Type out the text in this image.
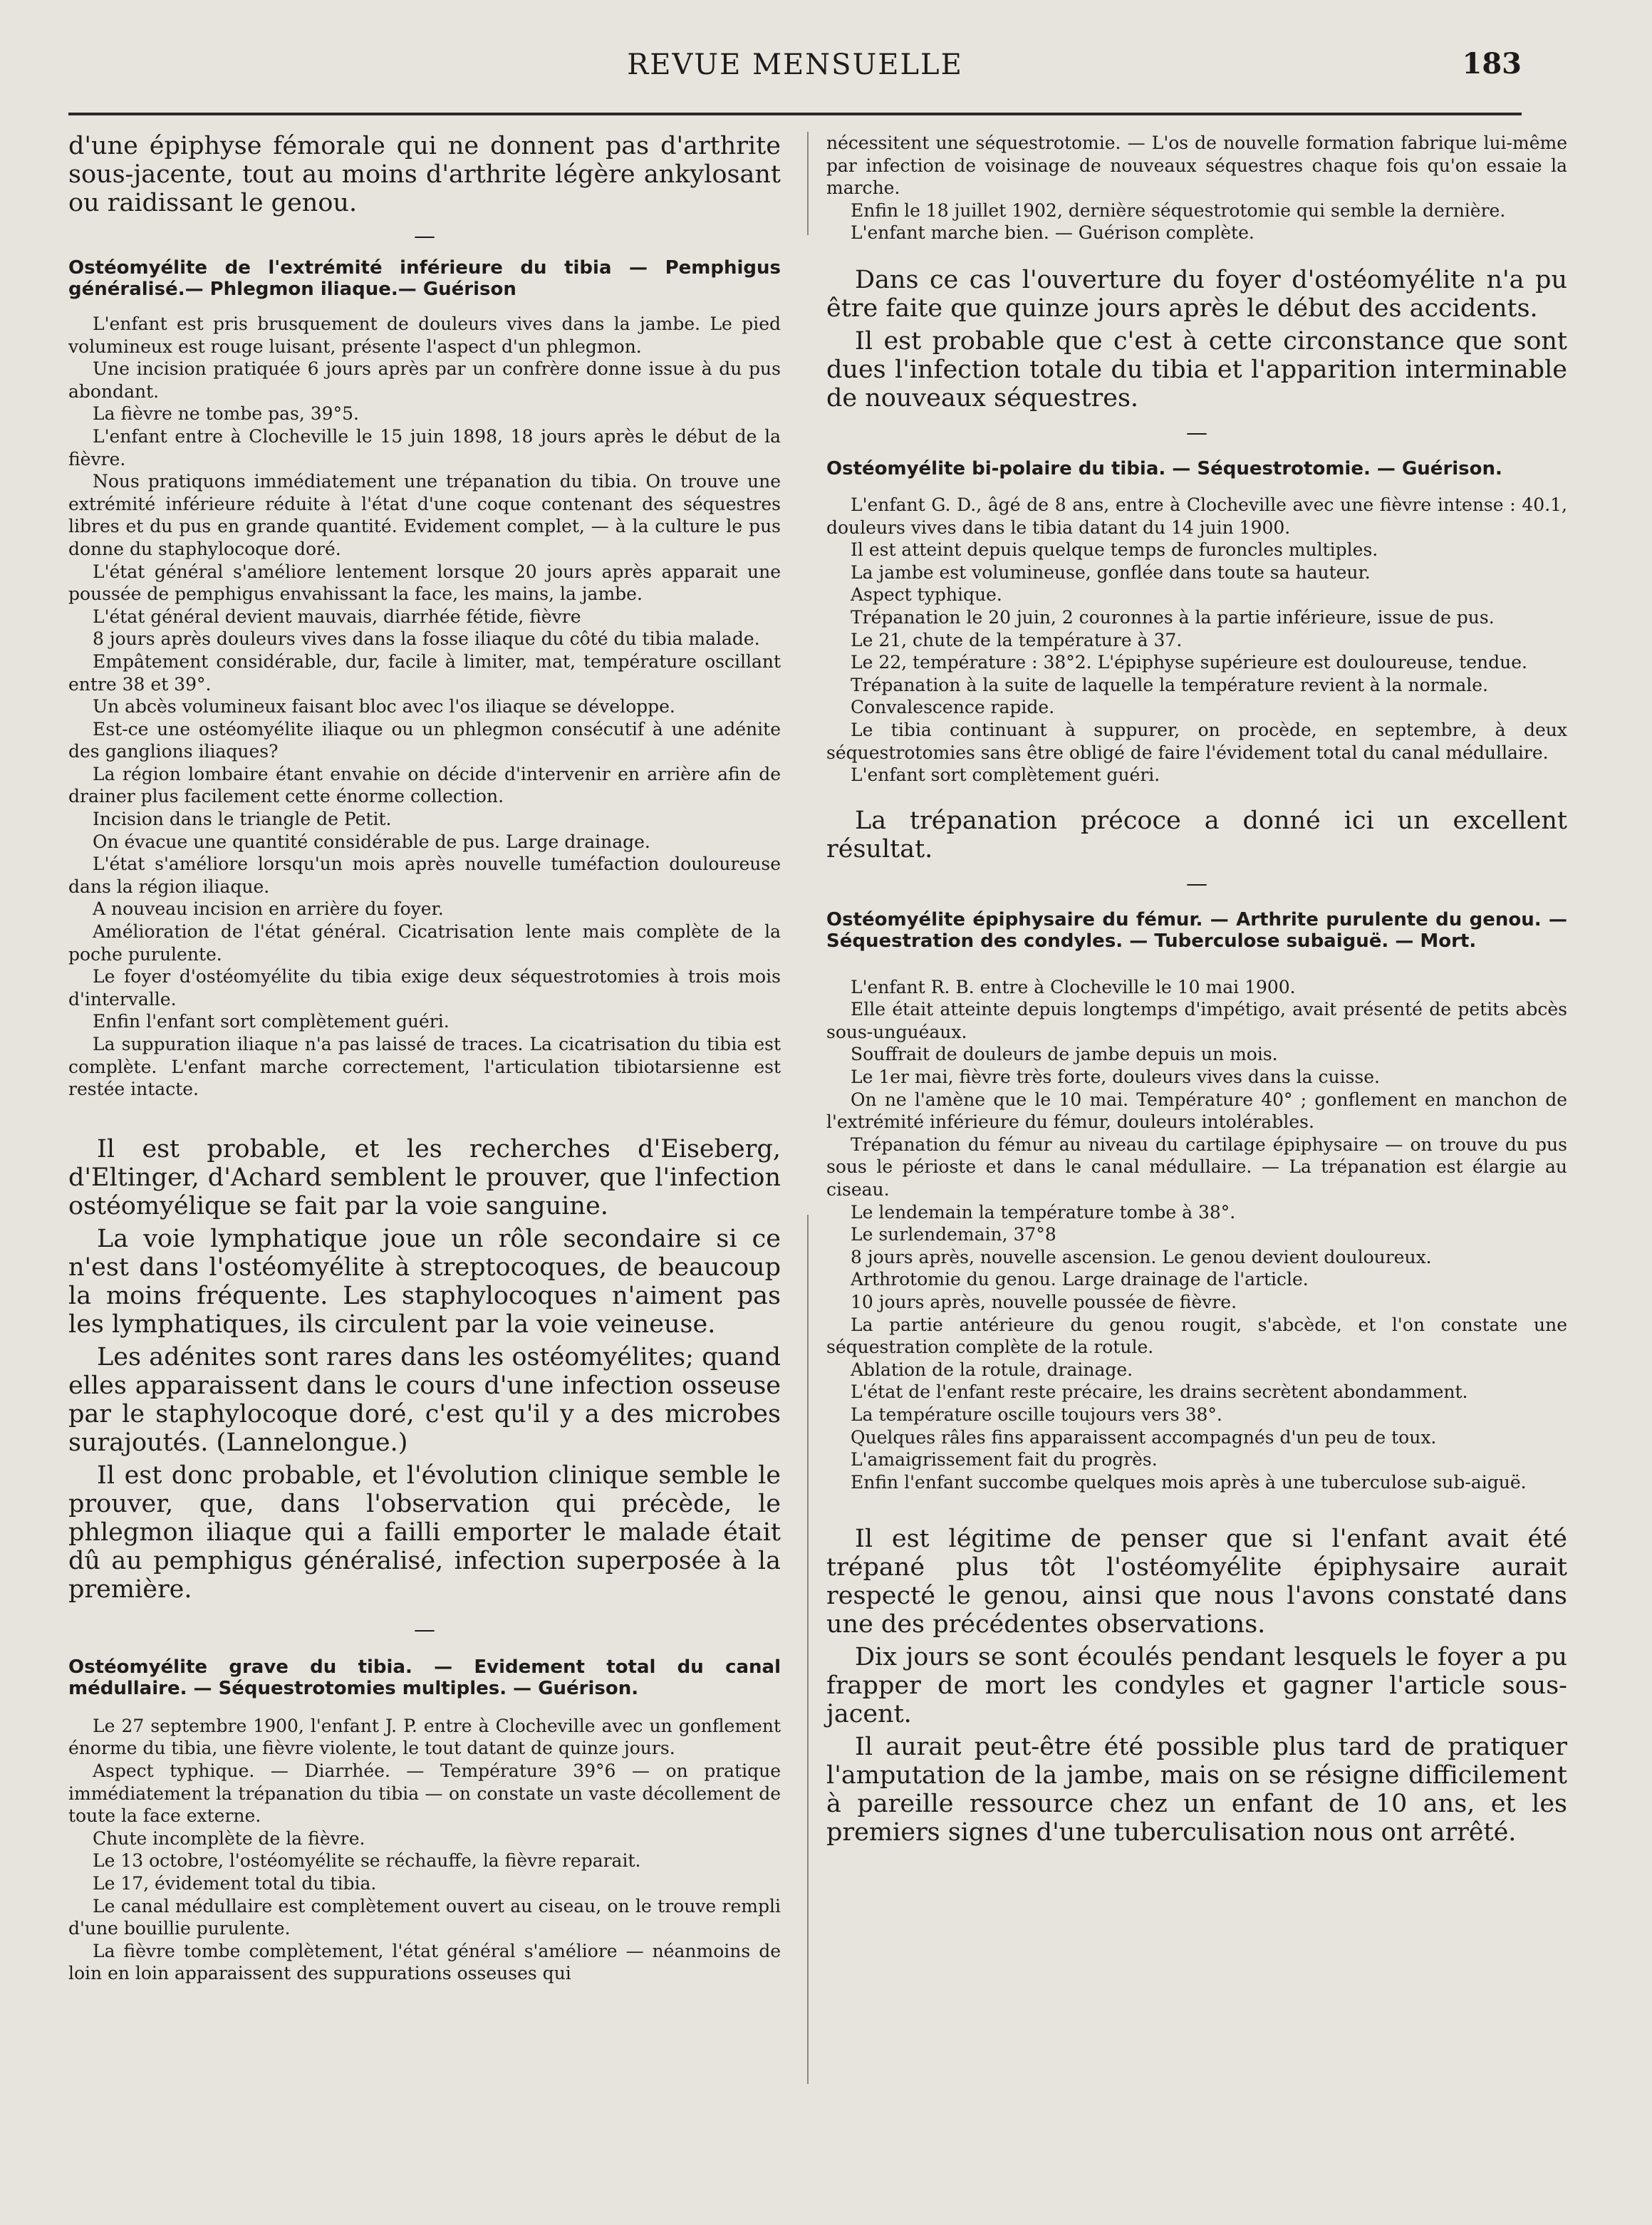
REVUE MENSUELLE	183

d'une épiphyse fémorale qui ne donnent pas d'arthrite sous-jacente, tout au moins d'arthrite légère ankylosant ou raidissant le genou.

—

Ostéomyélite de l'extrémité inférieure du tibia — Pemphigus généralisé.— Phlegmon iliaque.— Guérison

L'enfant est pris brusquement de douleurs vives dans la jambe. Le pied volumineux est rouge luisant, présente l'aspect d'un phlegmon.

Une incision pratiquée 6 jours après par un confrère donne issue à du pus abondant.

La fièvre ne tombe pas, 39°5.

L'enfant entre à Clocheville le 15 juin 1898, 18 jours après le début de la fièvre.

Nous pratiquons immédiatement une trépanation du tibia. On trouve une extrémité inférieure réduite à l'état d'une coque contenant des séquestres libres et du pus en grande quantité. Evidement complet, — à la culture le pus donne du staphylocoque doré.

L'état général s'améliore lentement lorsque 20 jours après apparait une poussée de pemphigus envahissant la face, les mains, la jambe.

L'état général devient mauvais, diarrhée fétide, fièvre

8 jours après douleurs vives dans la fosse iliaque du côté du tibia malade.

Empâtement considérable, dur, facile à limiter, mat, température oscillant entre 38 et 39°.

Un abcès volumineux faisant bloc avec l'os iliaque se développe.

Est-ce une ostéomyélite iliaque ou un phlegmon consécutif à une adénite des ganglions iliaques?

La région lombaire étant envahie on décide d'intervenir en arrière afin de drainer plus facilement cette énorme collection.

Incision dans le triangle de Petit.

On évacue une quantité considérable de pus. Large drainage.

L'état s'améliore lorsqu'un mois après nouvelle tuméfaction douloureuse dans la région iliaque.

A nouveau incision en arrière du foyer.

Amélioration de l'état général. Cicatrisation lente mais complète de la poche purulente.

Le foyer d'ostéomyélite du tibia exige deux séquestrotomies à trois mois d'intervalle.

Enfin l'enfant sort complètement guéri.

La suppuration iliaque n'a pas laissé de traces. La cicatrisation du tibia est complète. L'enfant marche correctement, l'articulation tibiotarsienne est restée intacte.

Il est probable, et les recherches d'Eiseberg, d'Eltinger, d'Achard semblent le prouver, que l'infection ostéomyélique se fait par la voie sanguine.

La voie lymphatique joue un rôle secondaire si ce n'est dans l'ostéomyélite à streptocoques, de beaucoup la moins fréquente. Les staphylocoques n'aiment pas les lymphatiques, ils circulent par la voie veineuse.

Les adénites sont rares dans les ostéomyélites; quand elles apparaissent dans le cours d'une infection osseuse par le staphylocoque doré, c'est qu'il y a des microbes surajoutés. (Lannelongue.)

Il est donc probable, et l'évolution clinique semble le prouver, que, dans l'observation qui précède, le phlegmon iliaque qui a failli emporter le malade était dû au pemphigus généralisé, infection superposée à la première.

—

Ostéomyélite grave du tibia. — Evidement total du canal médullaire. — Séquestrotomies multiples. — Guérison.

Le 27 septembre 1900, l'enfant J. P. entre à Clocheville avec un gonflement énorme du tibia, une fièvre violente, le tout datant de quinze jours.

Aspect typhique. — Diarrhée. — Température 39°6 — on pratique immédiatement la trépanation du tibia — on constate un vaste décollement de toute la face externe.

Chute incomplète de la fièvre.

Le 13 octobre, l'ostéomyélite se réchauffe, la fièvre reparait.

Le 17, évidement total du tibia.

Le canal médullaire est complètement ouvert au ciseau, on le trouve rempli d'une bouillie purulente.

La fièvre tombe complètement, l'état général s'améliore — néanmoins de loin en loin apparaissent des suppurations osseuses qui

nécessitent une séquestrotomie. — L'os de nouvelle formation fabrique lui-même par infection de voisinage de nouveaux séquestres chaque fois qu'on essaie la marche.

Enfin le 18 juillet 1902, dernière séquestrotomie qui semble la dernière.

L'enfant marche bien. — Guérison complète.

Dans ce cas l'ouverture du foyer d'ostéomyélite n'a pu être faite que quinze jours après le début des accidents.

Il est probable que c'est à cette circonstance que sont dues l'infection totale du tibia et l'apparition interminable de nouveaux séquestres.

—

Ostéomyélite bi-polaire du tibia. — Séquestrotomie. — Guérison.

L'enfant G. D., âgé de 8 ans, entre à Clocheville avec une fièvre intense : 40.1, douleurs vives dans le tibia datant du 14 juin 1900.

Il est atteint depuis quelque temps de furoncles multiples.

La jambe est volumineuse, gonflée dans toute sa hauteur.

Aspect typhique.

Trépanation le 20 juin, 2 couronnes à la partie inférieure, issue de pus.

Le 21, chute de la température à 37.

Le 22, température : 38°2. L'épiphyse supérieure est douloureuse, tendue.

Trépanation à la suite de laquelle la température revient à la normale.

Convalescence rapide.

Le tibia continuant à suppurer, on procède, en septembre, à deux séquestrotomies sans être obligé de faire l'évidement total du canal médullaire.

L'enfant sort complètement guéri.

La trépanation précoce a donné ici un excellent résultat.

—

Ostéomyélite épiphysaire du fémur. — Arthrite purulente du genou. — Séquestration des condyles. — Tuberculose subaiguë. — Mort.

L'enfant R. B. entre à Clocheville le 10 mai 1900.

Elle était atteinte depuis longtemps d'impétigo, avait présenté de petits abcès sous-unguéaux.

Souffrait de douleurs de jambe depuis un mois.

Le 1er mai, fièvre très forte, douleurs vives dans la cuisse.

On ne l'amène que le 10 mai. Température 40° ; gonflement en manchon de l'extrémité inférieure du fémur, douleurs intolérables.

Trépanation du fémur au niveau du cartilage épiphysaire — on trouve du pus sous le périoste et dans le canal médullaire. — La trépanation est élargie au ciseau.

Le lendemain la température tombe à 38°.

Le surlendemain, 37°8

8 jours après, nouvelle ascension. Le genou devient douloureux.

Arthrotomie du genou. Large drainage de l'article.

10 jours après, nouvelle poussée de fièvre.

La partie antérieure du genou rougit, s'abcède, et l'on constate une séquestration complète de la rotule.

Ablation de la rotule, drainage.

L'état de l'enfant reste précaire, les drains secrètent abondamment.

La température oscille toujours vers 38°.

Quelques râles fins apparaissent accompagnés d'un peu de toux.

L'amaigrissement fait du progrès.

Enfin l'enfant succombe quelques mois après à une tuberculose sub-aiguë.

Il est légitime de penser que si l'enfant avait été trépané plus tôt l'ostéomyélite épiphysaire aurait respecté le genou, ainsi que nous l'avons constaté dans une des précédentes observations.

Dix jours se sont écoulés pendant lesquels le foyer a pu frapper de mort les condyles et gagner l'article sous-jacent.

Il aurait peut-être été possible plus tard de pratiquer l'amputation de la jambe, mais on se résigne difficilement à pareille ressource chez un enfant de 10 ans, et les premiers signes d'une tuberculisation nous ont arrêté.
